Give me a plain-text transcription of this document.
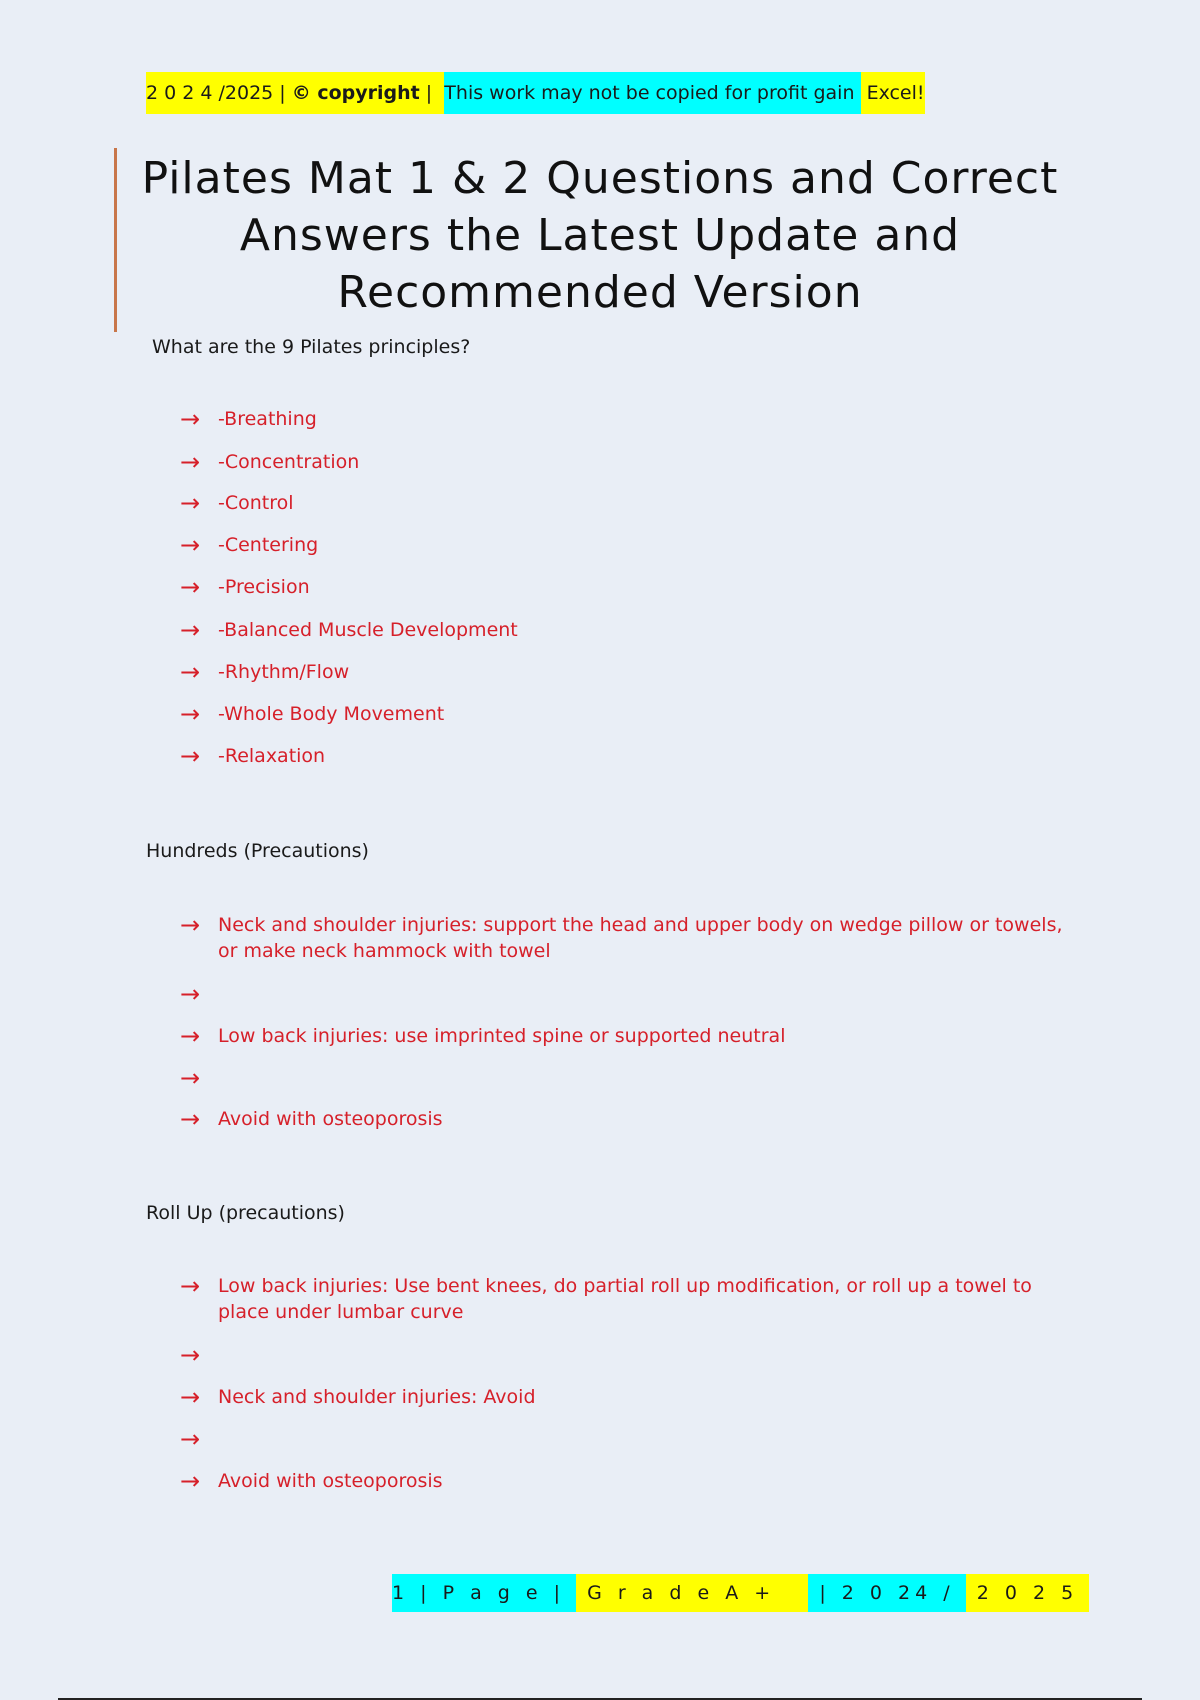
2 0 2 4 /2025 | © copyright | This work may not be copied for profit gain Excel!
Pilates Mat 1 & 2 Questions and Correct Answers the Latest Update and Recommended Version
What are the 9 Pilates principles?
→ -Breathing
→ -Concentration
→ -Control
→ -Centering
→ -Precision
→ -Balanced Muscle Development
→ -Rhythm/Flow
→ -Whole Body Movement
→ -Relaxation
Hundreds (Precautions)
→ Neck and shoulder injuries: support the head and upper body on wedge pillow or towels, or make neck hammock with towel
→
→ Low back injuries: use imprinted spine or supported neutral
→
→ Avoid with osteoporosis
Roll Up (precautions)
→ Low back injuries: Use bent knees, do partial roll up modification, or roll up a towel to place under lumbar curve
→
→ Neck and shoulder injuries: Avoid
→
→ Avoid with osteoporosis
1 | P a g e | G r a d e A + | 2 0 24 / 2 0 2 5
